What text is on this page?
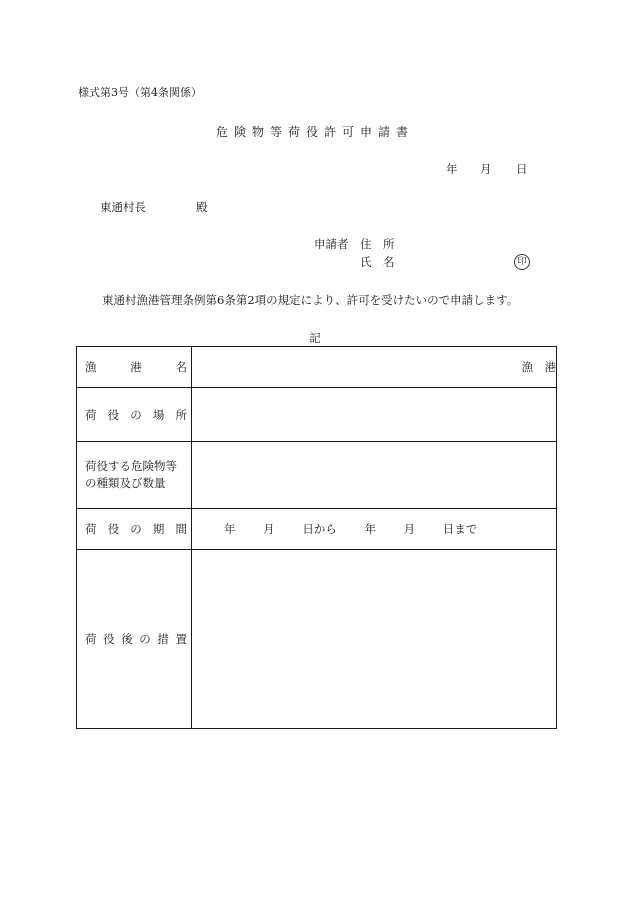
様式第3号（第4条関係）
危険物等荷役許可申請書
年 月 日
東通村長	殿
申請者 住　所
氏　名	印
東通村漁港管理条例第6条第2項の規定により、許可を受けたいので申請します。
記
漁港名	漁　港

荷役の場所	

荷役する危険物等
の種類及び数量	

荷役の期間	年 月 日から 年 月 日まで

荷役後の措置	
